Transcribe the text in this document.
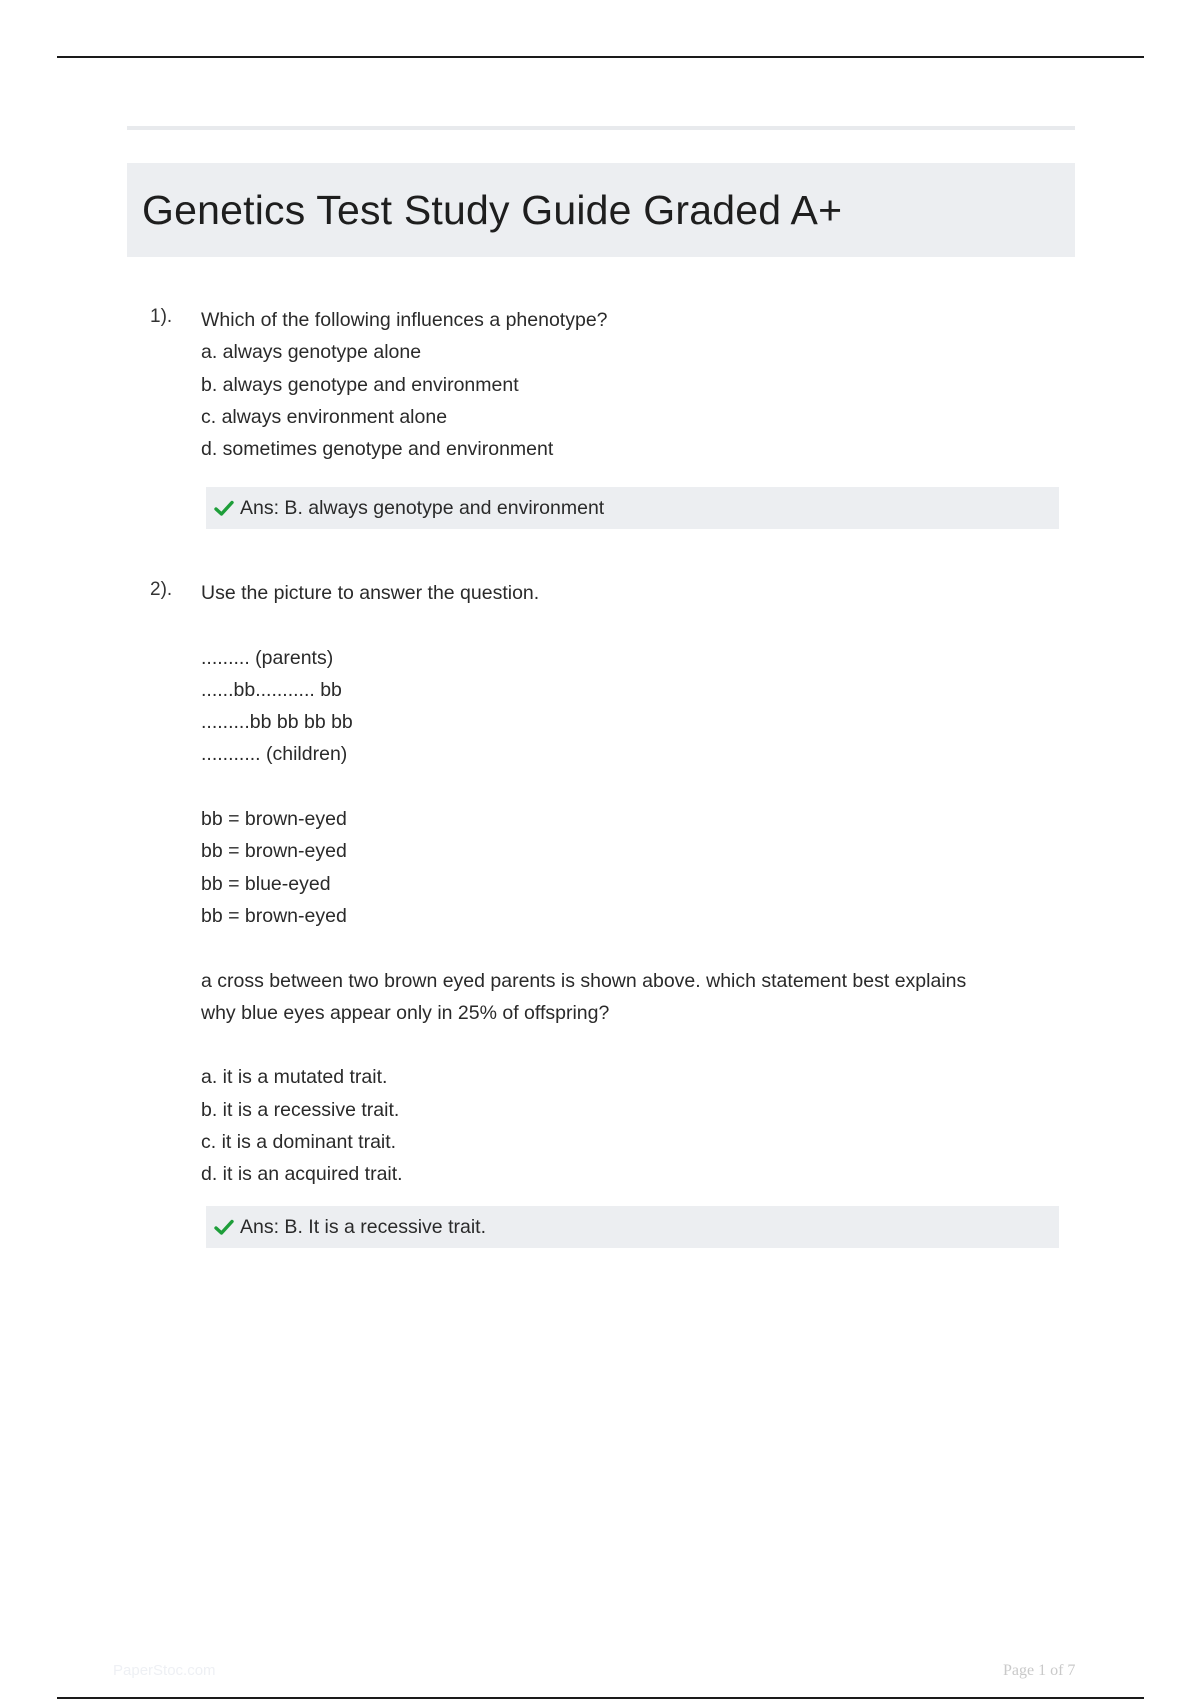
Genetics Test Study Guide Graded A+
1). Which of the following influences a phenotype?
a. always genotype alone
b. always genotype and environment
c. always environment alone
d. sometimes genotype and environment
Ans: B. always genotype and environment
2). Use the picture to answer the question.
......... (parents)
......bb........... bb
.........bb bb bb bb
........... (children)
bb = brown-eyed
bb = brown-eyed
bb = blue-eyed
bb = brown-eyed
a cross between two brown eyed parents is shown above. which statement best explains
why blue eyes appear only in 25% of offspring?
a. it is a mutated trait.
b. it is a recessive trait.
c. it is a dominant trait.
d. it is an acquired trait.
Ans: B. It is a recessive trait.
PaperStoc.com	Page 1 of 7
